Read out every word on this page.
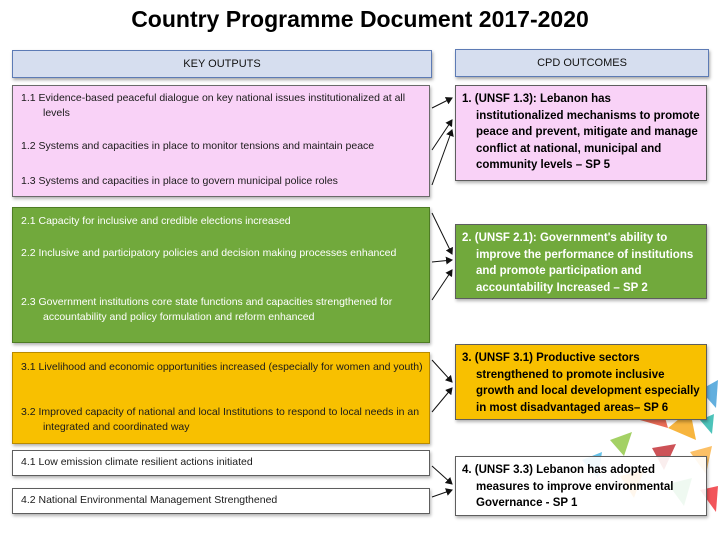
Country Programme Document 2017-2020
KEY OUTPUTS	CPD OUTCOMES
1.1 Evidence-based peaceful dialogue on key national issues institutionalized at all levels
1.2 Systems and capacities in place to monitor tensions and maintain peace
1.3 Systems and capacities in place to govern municipal police roles
2.1 Capacity for inclusive and credible elections increased
2.2 Inclusive and participatory policies and decision making processes enhanced
2.3 Government institutions core state functions and capacities strengthened for accountability and policy formulation and reform enhanced
3.1 Livelihood and economic opportunities increased (especially for women and youth)
3.2 Improved capacity of national and local Institutions to respond to local needs in an integrated and coordinated way
4.1 Low emission climate resilient actions initiated
4.2 National Environmental Management Strengthened
1. (UNSF 1.3): Lebanon has institutionalized mechanisms to promote peace and prevent, mitigate and manage conflict at national, municipal and community levels – SP 5
2. (UNSF 2.1): Government's ability to improve the performance of institutions and promote participation and accountability Increased – SP 2
3. (UNSF 3.1) Productive sectors strengthened to promote inclusive growth and local development especially in most disadvantaged areas– SP 6
4. (UNSF 3.3) Lebanon has adopted measures to improve environmental Governance - SP 1
